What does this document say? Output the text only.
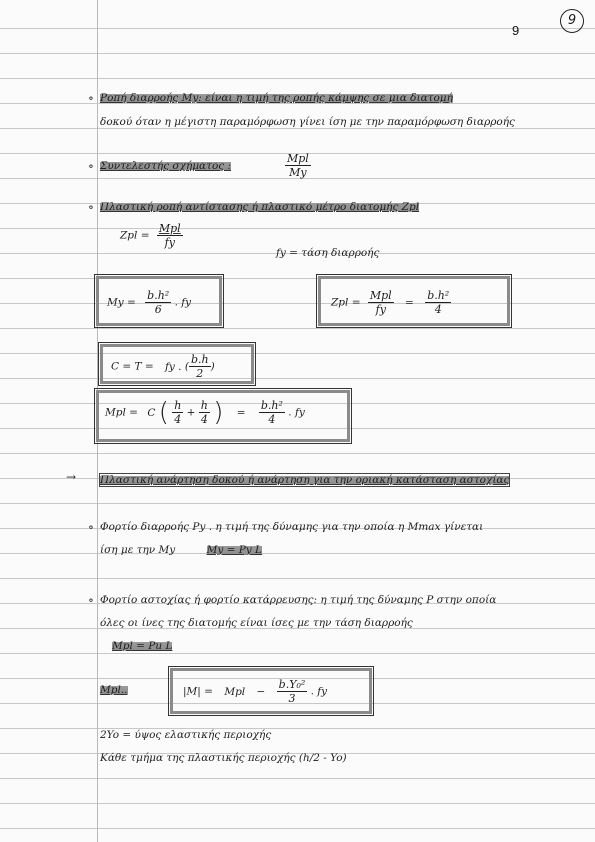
9
9
∘ Ροπή διαρροής My: είναι η τιμή της ροπής κάμψης σε μια διατομή
δοκού όταν η μέγιστη παραμόρφωση γίνει ίση με την παραμόρφωση διαρροής
∘ Συντελεστής σχήματος :	$\frac{\text{Mpl}}{My}$
∘ Πλαστική ροπή αντίστασης ή πλαστικό μέτρο διατομής Zpl
Zpl = $\frac{\text{Mpl}}{fy}$
fy = τάση διαρροής
$My = \frac{\text{b.h²}}{6}$ . fy	Zpl = $\frac{\text{Mpl}}{fy} = \frac{\text{b.h²}}{4}$
C = T = fy . ( $\frac{b.h}{2}$ )
Mpl = C ( $\frac{h}{4} + \frac{h}{4}$ ) = $\frac{\text{b.h²}}{4}$ . fy
→ Πλαστική ανάρτηση δοκού ή ανάρτηση για την οριακή κατάσταση αστοχίας
∘ Φορτίο διαρροής Py . η τιμή της δύναμης για την οποία η Mmax γίνεται
ίση με την My	My = Py L
∘ Φορτίο αστοχίας ή φορτίο κατάρρευσης: η τιμή της δύναμης P στην οποία
όλες οι ίνες της διατομής είναι ίσες με την τάση διαρροής
Mpl = Pu L
Mpl..	|M| = Mpl − $\frac{\text{b.Y₀²}}{3}$ . fy
2Yo = ύψος ελαστικής περιοχής
Κάθε τμήμα της πλαστικής περιοχής (h/2 - Yo)
